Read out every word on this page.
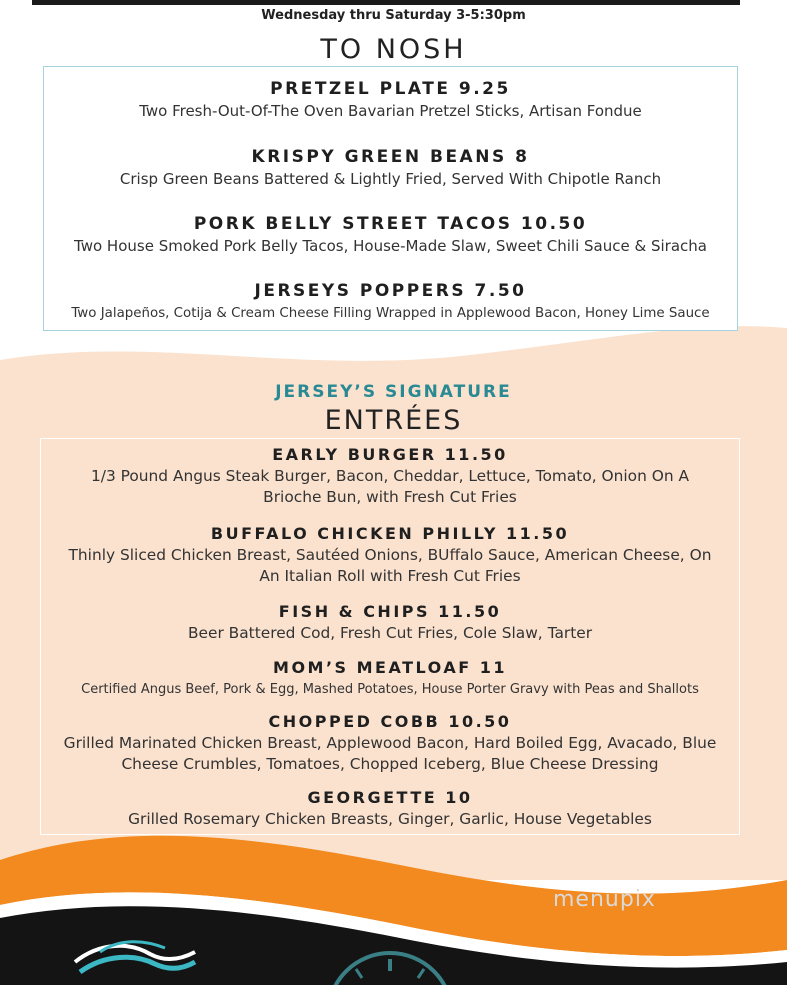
Wednesday thru Saturday 3-5:30pm
TO NOSH
PRETZEL PLATE 9.25
Two Fresh-Out-Of-The Oven Bavarian Pretzel Sticks, Artisan Fondue
KRISPY GREEN BEANS 8
Crisp Green Beans Battered & Lightly Fried, Served With Chipotle Ranch
PORK BELLY STREET TACOS 10.50
Two House Smoked Pork Belly Tacos, House-Made Slaw, Sweet Chili Sauce & Siracha
JERSEYS POPPERS 7.50
Two Jalapeños, Cotija & Cream Cheese Filling Wrapped in Applewood Bacon, Honey Lime Sauce
JERSEY’S SIGNATURE
ENTRÉES
EARLY BURGER 11.50
1/3 Pound Angus Steak Burger, Bacon, Cheddar, Lettuce, Tomato, Onion On A
Brioche Bun, with Fresh Cut Fries
BUFFALO CHICKEN PHILLY 11.50
Thinly Sliced Chicken Breast, Sautéed Onions, BUffalo Sauce, American Cheese, On
An Italian Roll with Fresh Cut Fries
FISH & CHIPS 11.50
Beer Battered Cod, Fresh Cut Fries, Cole Slaw, Tarter
MOM’S MEATLOAF 11
Certified Angus Beef, Pork & Egg, Mashed Potatoes, House Porter Gravy with Peas and Shallots
CHOPPED COBB 10.50
Grilled Marinated Chicken Breast, Applewood Bacon, Hard Boiled Egg, Avacado, Blue
Cheese Crumbles, Tomatoes, Chopped Iceberg, Blue Cheese Dressing
GEORGETTE 10
Grilled Rosemary Chicken Breasts, Ginger, Garlic, House Vegetables
menupix
